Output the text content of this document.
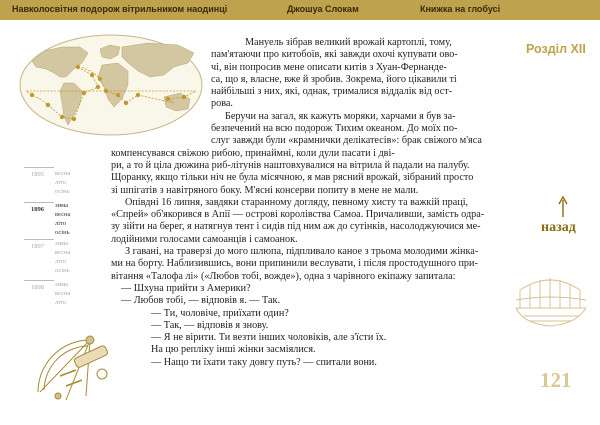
Навколосвітня подорож вітрильником наодинці	Джошуа Слокам	Книжка на глобусі
Розділ XII
назад
121
1895
1896
1897
1898
весна
літо
осінь
зима
весна
літо
осінь
зима
весна
літо
осінь
зима
весна
літо

Мануель зібрав великий врожай картоплі, тому,

пам'ятаючи про китобоїв, які завжди охочі купувати ово-

чі, він попросив мене описати китів з Хуан-Фернанде-

са, що я, власне, вже й зробив. Зокрема, його цікавили ті

найбільші з них, які, однак, трималися віддалік від ост-

рова.

Беручи на загал, як кажуть моряки, харчами я був за-

безпечений на всю подорож Тихим океаном. До моїх по-

слуг завжди були «крамнички делікатесів»: брак свіжого м'яса

компенсувався свіжою рибою, принаймні, коли дули пасати і дві-

ри, а то й ціла дюжина риб-літунів наштовхувалися на вітрила й падали на палубу.

Щоранку, якщо тільки ніч не була місячною, я мав рясний врожай, зібраний просто

зі шпігатів з навітряного боку. М'ясні консерви попиту в мене не мали.

Опівдні 16 липня, завдяки старанному догляду, певному хисту та важкій праці,

«Спрей» об'якорився в Апії — острові королівства Самоа. Причаливши, замість одра-

зу зійти на берег, я натягнув тент і сидів під ним аж до сутінків, насолоджуючися ме-

лодійними голосами самоанців і самоанок.

З гавані, на траверзі до мого шлюпа, підпливало каное з трьома молодими жінка-

ми на борту. Наблизившись, вони припинили веслувати, і після простодушного при-

вітання «Талофа лі» («Любов тобі, вожде»), одна з чарівного екіпажу запитала:

— Шхуна прийти з Америки?

— Любов тобі, — відповів я. — Так.

— Ти, чоловіче, приїхати один?

— Так, — відповів я знову.

— Я не вірити. Ти везти інших чоловіків, але з'їсти їх.

На цю репліку інші жінки засміялися.

— Нащо ти їхати таку довгу путь? — спитали вони.
